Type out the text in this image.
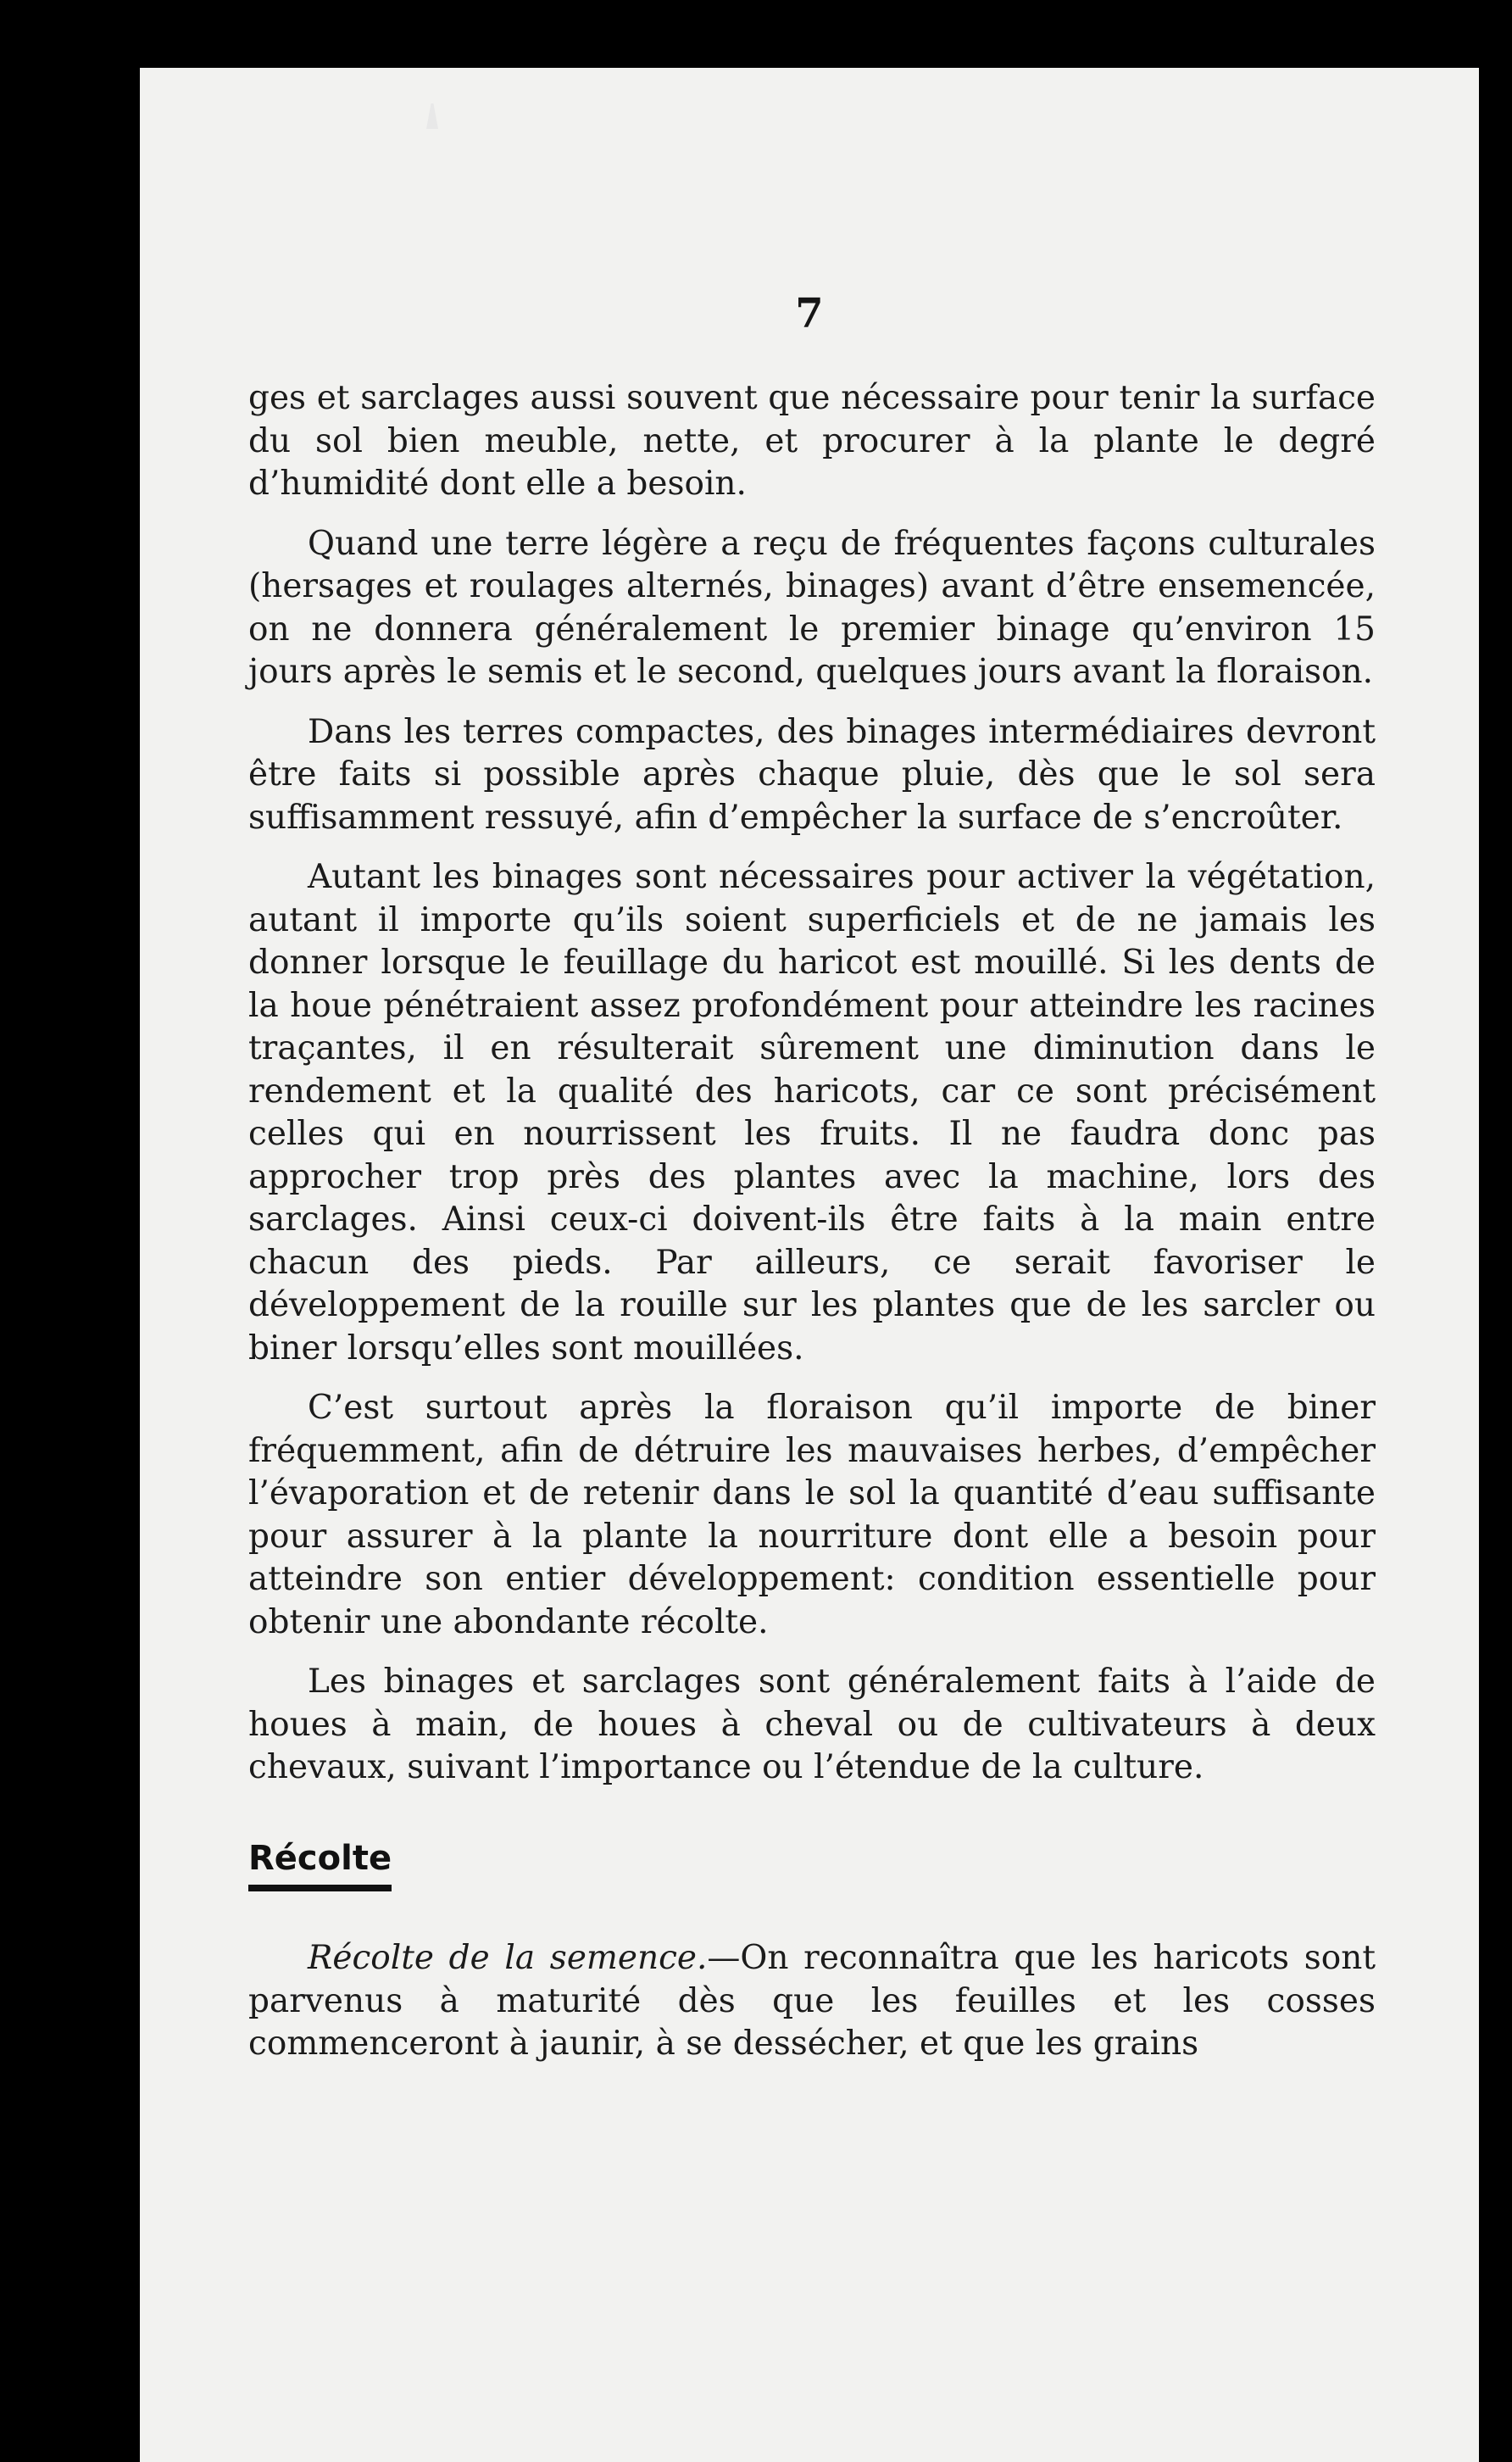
7

ges et sarclages aussi souvent que nécessaire pour tenir la surface du sol bien meuble, nette, et procurer à la plante le degré d’humidité dont elle a besoin.

Quand une terre légère a reçu de fréquentes façons culturales (hersages et roulages alternés, binages) avant d’être ensemencée, on ne donnera généralement le premier binage qu’environ 15 jours après le semis et le second, quelques jours avant la floraison.

Dans les terres compactes, des binages intermédiaires devront être faits si possible après chaque pluie, dès que le sol sera suffisamment ressuyé, afin d’empêcher la surface de s’encroûter.

Autant les binages sont nécessaires pour activer la végétation, autant il importe qu’ils soient superficiels et de ne jamais les donner lorsque le feuillage du haricot est mouillé. Si les dents de la houe pénétraient assez profondément pour atteindre les racines traçantes, il en résulterait sûrement une diminution dans le rendement et la qualité des haricots, car ce sont précisément celles qui en nourrissent les fruits. Il ne faudra donc pas approcher trop près des plantes avec la machine, lors des sarclages. Ainsi ceux-ci doivent-ils être faits à la main entre chacun des pieds. Par ailleurs, ce serait favoriser le développement de la rouille sur les plantes que de les sarcler ou biner lorsqu’elles sont mouillées.

C’est surtout après la floraison qu’il importe de biner fréquemment, afin de détruire les mauvaises herbes, d’empêcher l’évaporation et de retenir dans le sol la quantité d’eau suffisante pour assurer à la plante la nourriture dont elle a besoin pour atteindre son entier développement: condition essentielle pour obtenir une abondante récolte.

Les binages et sarclages sont généralement faits à l’aide de houes à main, de houes à cheval ou de cultivateurs à deux chevaux, suivant l’importance ou l’étendue de la culture.

Récolte

Récolte de la semence.—On reconnaîtra que les haricots sont parvenus à maturité dès que les feuilles et les cosses commenceront à jaunir, à se dessécher, et que les grains
